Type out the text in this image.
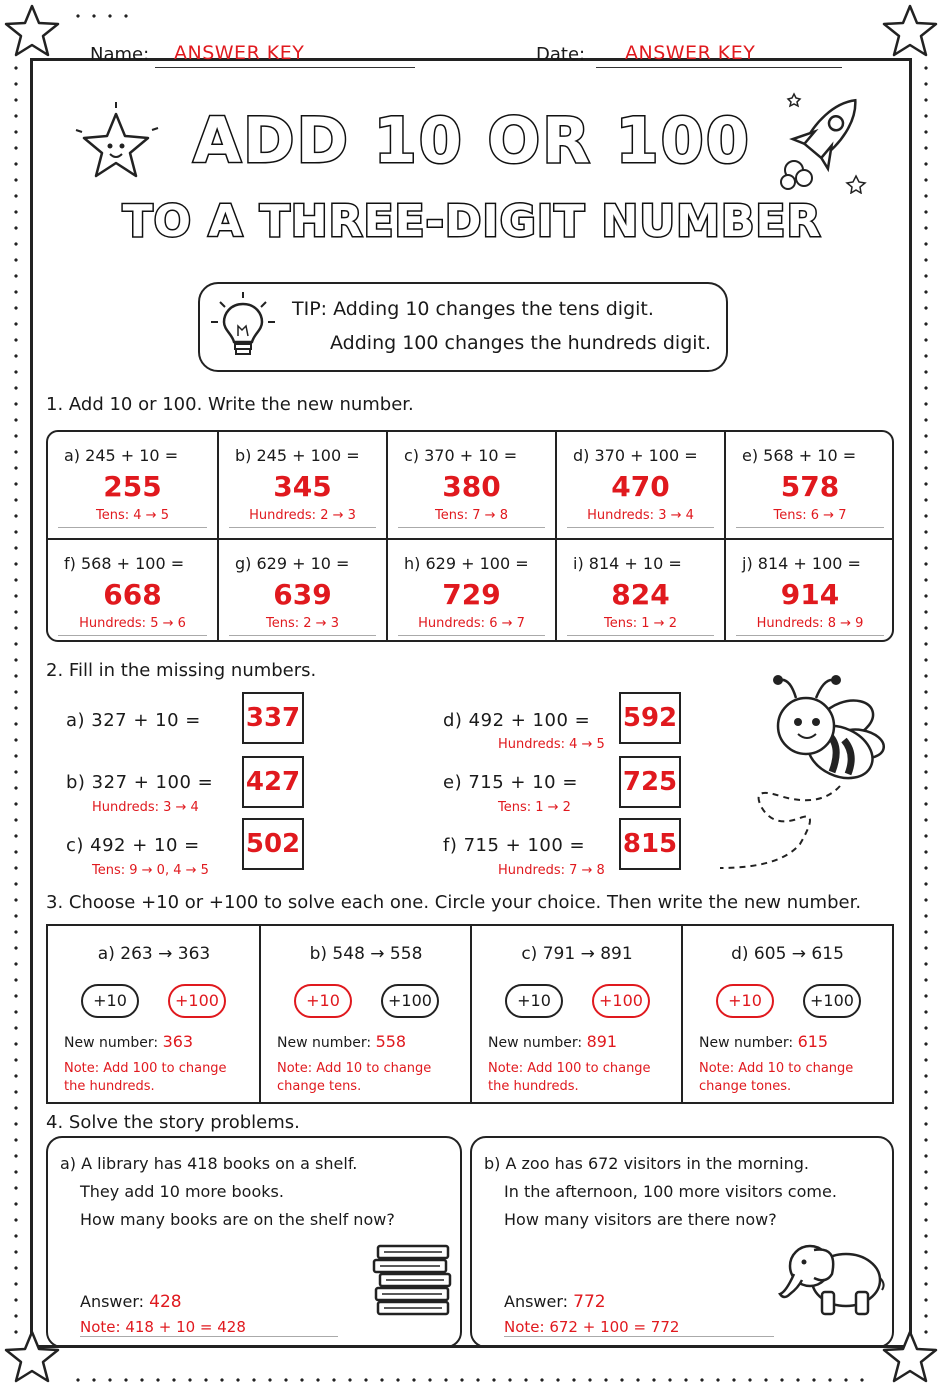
Name: ANSWER KEY	Date: ANSWER KEY
ADD 10 OR 100
TO A THREE-DIGIT NUMBER
TIP: Adding 10 changes the tens digit.
Adding 100 changes the hundreds digit.
1. Add 10 or 100. Write the new number.
a) 245 + 10 =
255
Tens: 4 → 5
b) 245 + 100 =
345
Hundreds: 2 → 3
c) 370 + 10 =
380
Tens: 7 → 8
d) 370 + 100 =
470
Hundreds: 3 → 4
e) 568 + 10 =
578
Tens: 6 → 7
f) 568 + 100 =
668
Hundreds: 5 → 6
g) 629 + 10 =
639
Tens: 2 → 3
h) 629 + 100 =
729
Hundreds: 6 → 7
i) 814 + 10 =
824
Tens: 1 → 2
j) 814 + 100 =
914
Hundreds: 8 → 9
2. Fill in the missing numbers.
a) 327 + 10 = 337
b) 327 + 100 = 427
Hundreds: 3 → 4
c) 492 + 10 = 502
Tens: 9 → 0, 4 → 5
d) 492 + 100 = 592
Hundreds: 4 → 5
e) 715 + 10 = 725
Tens: 1 → 2
f) 715 + 100 = 815
Hundreds: 7 → 8
3. Choose +10 or +100 to solve each one. Circle your choice. Then write the new number.
a) 263 → 363
+10	+100
New number: 363
Note: Add 100 to change the hundreds.
b) 548 → 558
+10	+100
New number: 558
Note: Add 10 to change change tens.
c) 791 → 891
+10	+100
New number: 891
Note: Add 100 to change the hundreds.
d) 605 → 615
+10	+100
New number: 615
Note: Add 10 to change change tones.
4. Solve the story problems.
a) A library has 418 books on a shelf.
They add 10 more books.
How many books are on the shelf now?
Answer: 428
Note: 418 + 10 = 428
b) A zoo has 672 visitors in the morning.
In the afternoon, 100 more visitors come.
How many visitors are there now?
Answer: 772
Note: 672 + 100 = 772
